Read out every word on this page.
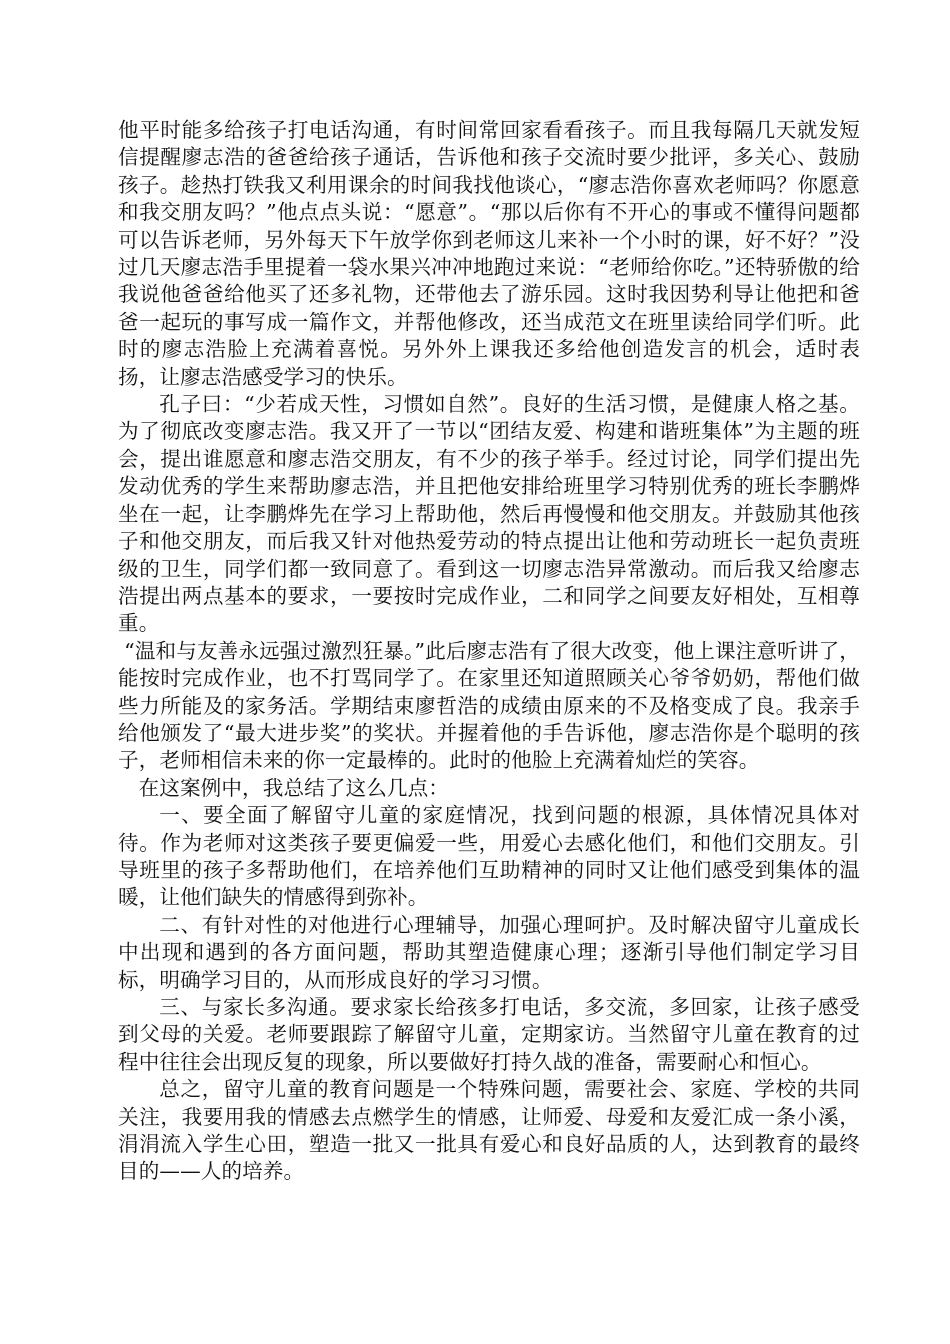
他平时能多给孩子打电话沟通，有时间常回家看看孩子。而且我每隔几天就发短信提醒廖志浩的爸爸给孩子通话，告诉他和孩子交流时要少批评，多关心、鼓励孩子。趁热打铁我又利用课余的时间我找他谈心，“廖志浩你喜欢老师吗？你愿意和我交朋友吗？”他点点头说：“愿意”。“那以后你有不开心的事或不懂得问题都可以告诉老师，另外每天下午放学你到老师这儿来补一个小时的课，好不好？”没过几天廖志浩手里提着一袋水果兴冲冲地跑过来说：“老师给你吃。”还特骄傲的给我说他爸爸给他买了还多礼物，还带他去了游乐园。这时我因势利导让他把和爸爸一起玩的事写成一篇作文，并帮他修改，还当成范文在班里读给同学们听。此时的廖志浩脸上充满着喜悦。另外外上课我还多给他创造发言的机会，适时表扬，让廖志浩感受学习的快乐。

孔子曰：“少若成天性，习惯如自然”。良好的生活习惯，是健康人格之基。为了彻底改变廖志浩。我又开了一节以“团结友爱、构建和谐班集体”为主题的班会，提出谁愿意和廖志浩交朋友，有不少的孩子举手。经过讨论，同学们提出先发动优秀的学生来帮助廖志浩，并且把他安排给班里学习特别优秀的班长李鹏烨坐在一起，让李鹏烨先在学习上帮助他，然后再慢慢和他交朋友。并鼓励其他孩子和他交朋友，而后我又针对他热爱劳动的特点提出让他和劳动班长一起负责班级的卫生，同学们都一致同意了。看到这一切廖志浩异常激动。而后我又给廖志浩提出两点基本的要求，一要按时完成作业，二和同学之间要友好相处，互相尊重。

“温和与友善永远强过激烈狂暴。”此后廖志浩有了很大改变，他上课注意听讲了，能按时完成作业，也不打骂同学了。在家里还知道照顾关心爷爷奶奶，帮他们做些力所能及的家务活。学期结束廖哲浩的成绩由原来的不及格变成了良。我亲手给他颁发了“最大进步奖”的奖状。并握着他的手告诉他，廖志浩你是个聪明的孩子，老师相信未来的你一定最棒的。此时的他脸上充满着灿烂的笑容。

在这案例中，我总结了这么几点：

一、要全面了解留守儿童的家庭情况，找到问题的根源，具体情况具体对待。作为老师对这类孩子要更偏爱一些，用爱心去感化他们，和他们交朋友。引导班里的孩子多帮助他们，在培养他们互助精神的同时又让他们感受到集体的温暖，让他们缺失的情感得到弥补。

二、有针对性的对他进行心理辅导，加强心理呵护。及时解决留守儿童成长中出现和遇到的各方面问题，帮助其塑造健康心理；逐渐引导他们制定学习目标，明确学习目的，从而形成良好的学习习惯。

三、与家长多沟通。要求家长给孩多打电话，多交流，多回家，让孩子感受到父母的关爱。老师要跟踪了解留守儿童，定期家访。当然留守儿童在教育的过程中往往会出现反复的现象，所以要做好打持久战的准备，需要耐心和恒心。

总之，留守儿童的教育问题是一个特殊问题，需要社会、家庭、学校的共同关注，我要用我的情感去点燃学生的情感，让师爱、母爱和友爱汇成一条小溪，涓涓流入学生心田，塑造一批又一批具有爱心和良好品质的人，达到教育的最终目的——人的培养。
